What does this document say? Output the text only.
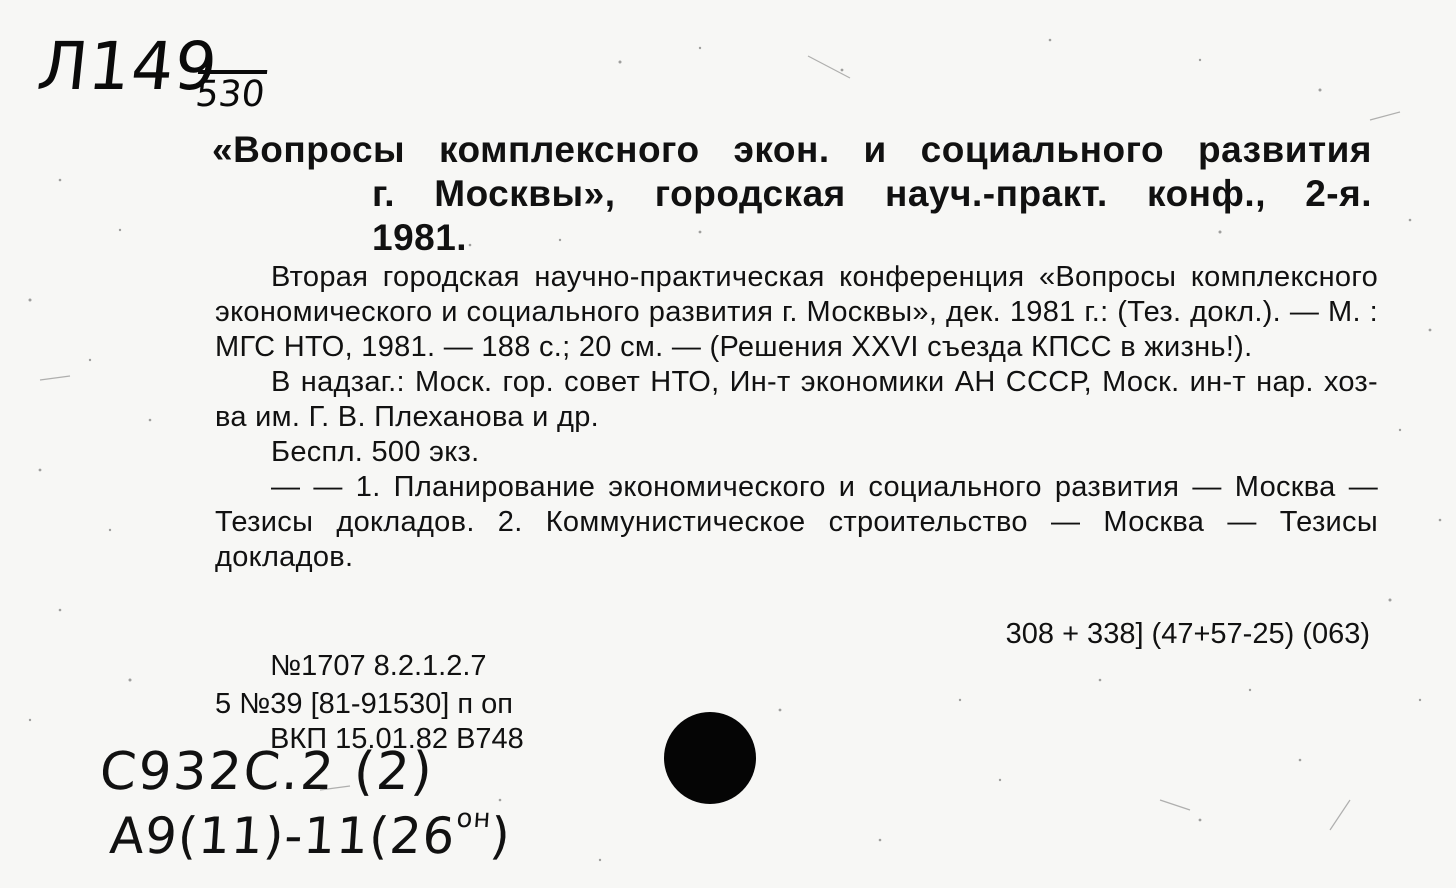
Л149
530
«Вопросы комплексного экон. и социального развития
г. Москвы», городская науч.-практ. конф., 2-я.
1981.
Вторая городская научно-практическая конференция «Вопросы комплексного экономического и социального развития г. Москвы», дек. 1981 г.: (Тез. докл.). — М. : МГС НТО, 1981. — 188 с.; 20 см. — (Решения XXVI съезда КПСС в жизнь!).
В надзаг.: Моск. гор. совет НТО, Ин-т экономики АН СССР, Моск. ин-т нар. хоз-ва им. Г. В. Плеханова и др.
Беспл. 500 экз.
— — 1. Планирование экономического и социального развития — Москва — Тезисы докладов. 2. Коммунистическое строительство — Москва — Тезисы докладов.
308 + 338] (47+57-25) (063)
№1707 8.2.1.2.7
5 №39 [81-91530] п оп
ВКП 15.01.82 В748
С932С.2 (2)
$А9(11)-11(26^{он})$
